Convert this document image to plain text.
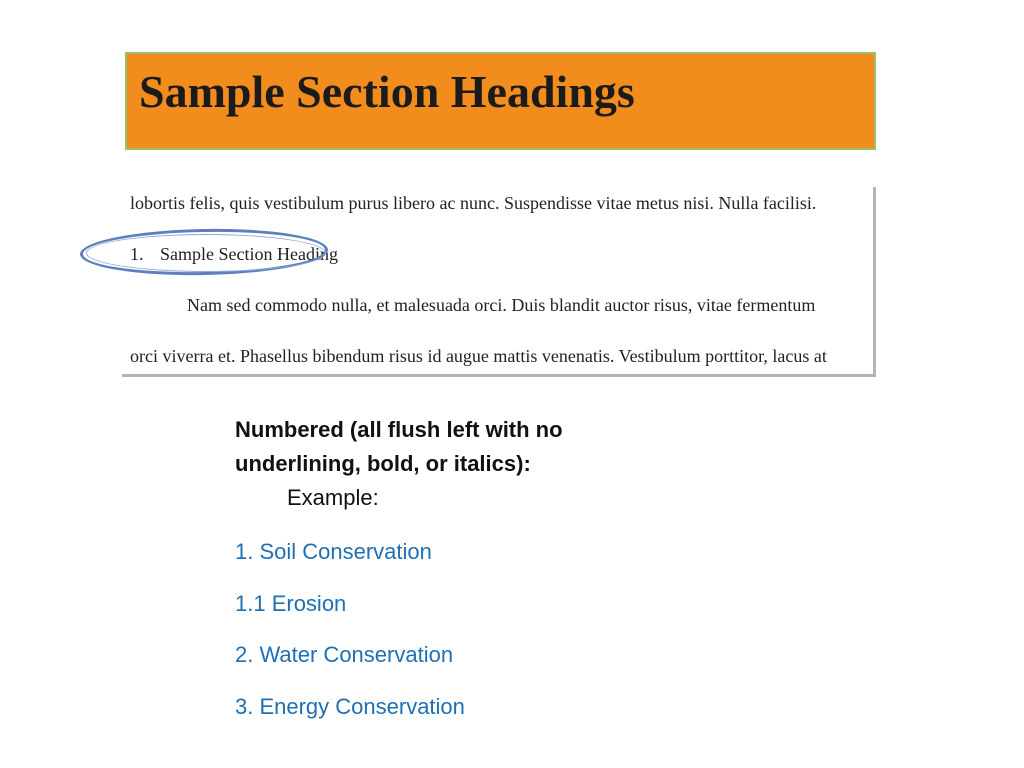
Sample Section Headings
lobortis felis, quis vestibulum purus libero ac nunc. Suspendisse vitae metus nisi. Nulla facilisi.
1. Sample Section Heading
Nam sed commodo nulla, et malesuada orci. Duis blandit auctor risus, vitae fermentum
orci viverra et. Phasellus bibendum risus id augue mattis venenatis. Vestibulum porttitor, lacus at
Numbered (all flush left with no
underlining, bold, or italics):
Example:
1. Soil Conservation
1.1 Erosion
2. Water Conservation
3. Energy Conservation
